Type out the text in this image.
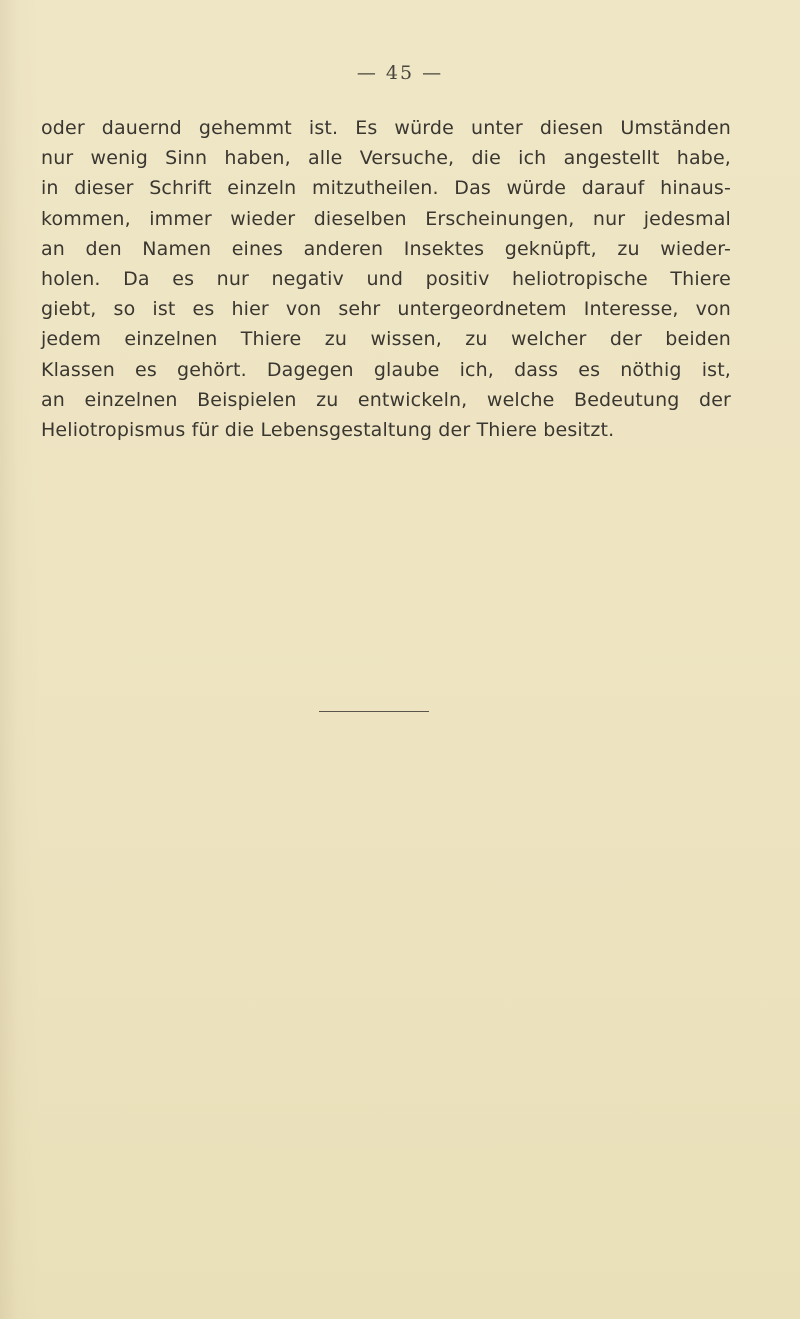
— 45 —

oder dauernd gehemmt ist. Es würde unter diesen Umständen
nur wenig Sinn haben, alle Versuche, die ich angestellt habe,
in dieser Schrift einzeln mitzutheilen. Das würde darauf hinaus-
kommen, immer wieder dieselben Erscheinungen, nur jedesmal
an den Namen eines anderen Insektes geknüpft, zu wieder-
holen. Da es nur negativ und positiv heliotropische Thiere
giebt, so ist es hier von sehr untergeordnetem Interesse, von
jedem einzelnen Thiere zu wissen, zu welcher der beiden
Klassen es gehört. Dagegen glaube ich, dass es nöthig ist,
an einzelnen Beispielen zu entwickeln, welche Bedeutung der
Heliotropismus für die Lebensgestaltung der Thiere besitzt.
